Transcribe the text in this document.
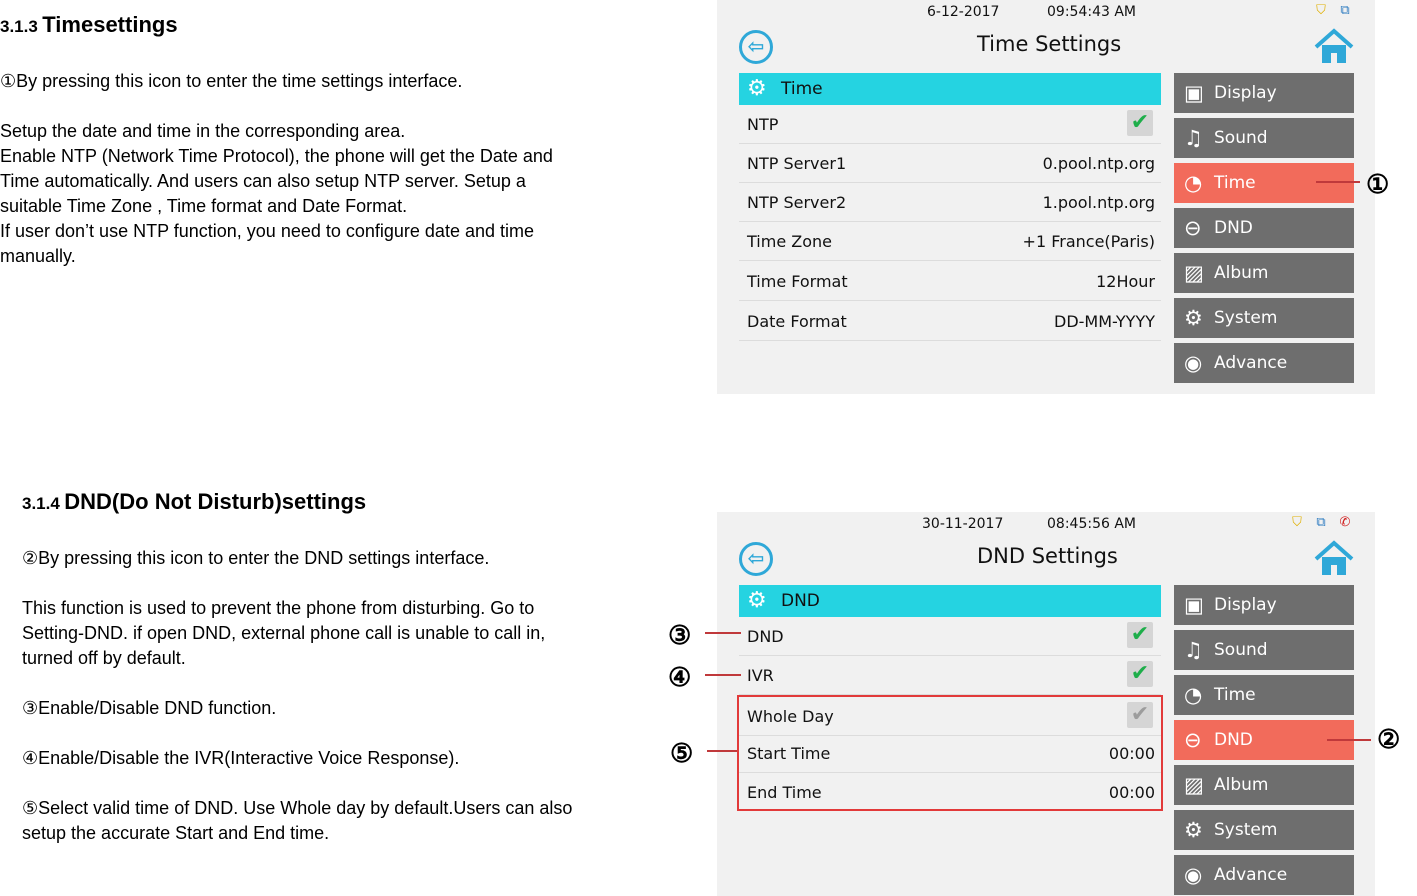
3.1.3 Timesettings

①By pressing this icon to enter the time settings interface.

Setup the date and time in the corresponding area.

Enable NTP (Network Time Protocol), the phone will get the Date and

Time automatically. And users can also setup NTP server. Setup a

suitable Time Zone , Time format and Date Format.

If user don’t use NTP function, you need to configure date and time

manually.

6-12-2017	09:54:43 AM	⛉ ⧉
⇦	Time Settings
⚙ Time
NTP	✔
NTP Server1	0.pool.ntp.org
NTP Server2	1.pool.ntp.org
Time Zone	+1 France(Paris)
Time Format	12Hour
Date Format	DD-MM-YYYY
▣ Display
♫ Sound
◔ Time
⊖ DND
▨ Album
⚙ System
◉ Advance
①
3.1.4 DND(Do Not Disturb)settings

②By pressing this icon to enter the DND settings interface.

This function is used to prevent the phone from disturbing. Go to

Setting-DND. if open DND, external phone call is unable to call in,

turned off by default.

③Enable/Disable DND function.

④Enable/Disable the IVR(Interactive Voice Response).

⑤Select valid time of DND. Use Whole day by default.Users can also

setup the accurate Start and End time.

30-11-2017	08:45:56 AM	⛉ ⧉ ✆
⇦	DND Settings
⚙ DND
DND	✔
IVR	✔
Whole Day	✔
Start Time	00:00
End Time	00:00
▣ Display
♫ Sound
◔ Time
⊖ DND
▨ Album
⚙ System
◉ Advance
②
③
④
⑤
